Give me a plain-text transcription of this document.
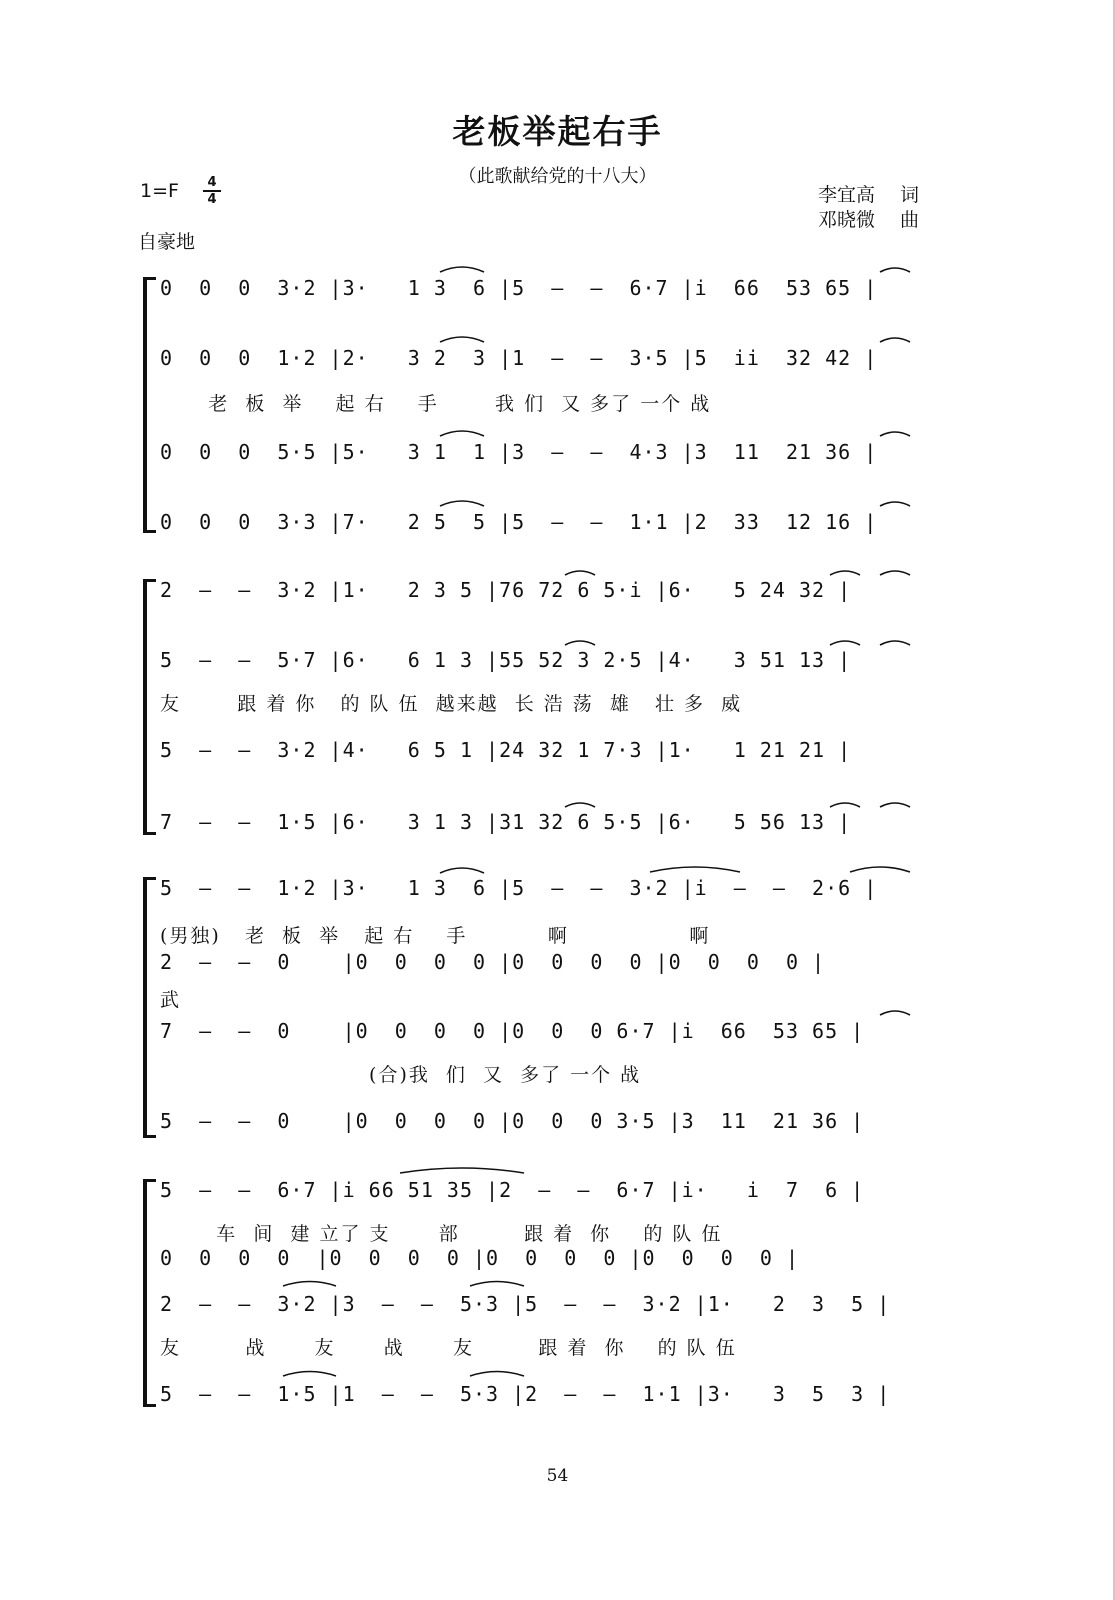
老板举起右手
（此歌献给党的十八大）
1=F	4
4
自豪地
李宜高 词
邓晓微 曲
0  0  0  3·2 |3·   1 3  6 |5  —  —  6·7 |i  66  53 65 |
0  0  0  1·2 |2·   3 2  3 |1  —  —  3·5 |5  ii  32 42 |
老  板  举    起 右    手       我 们  又 多了 一个 战
0  0  0  5·5 |5·   3 1  1 |3  —  —  4·3 |3  11  21 36 |
0  0  0  3·3 |7·   2 5  5 |5  —  —  1·1 |2  33  12 16 |
2  —  —  3·2 |1·   2 3 5 |76 72 6 5·i |6·   5 24 32 |
5  —  —  5·7 |6·   6 1 3 |55 52 3 2·5 |4·   3 51 13 |
友       跟 着 你   的 队 伍  越来越  长 浩 荡  雄   壮 多  威
5  —  —  3·2 |4·   6 5 1 |24 32 1 7·3 |1·   1 21 21 |
7  —  —  1·5 |6·   3 1 3 |31 32 6 5·5 |6·   5 56 13 |
5  —  —  1·2 |3·   1 3  6 |5  —  —  3·2 |i  —  —  2·6 |
(男独)   老  板  举   起 右    手          啊               啊
2  —  —  0    |0  0  0  0 |0  0  0  0 |0  0  0  0 |
武
7  —  —  0    |0  0  0  0 |0  0  0 6·7 |i  66  53 65 |
(合)我  们  又  多了 一个 战
5  —  —  0    |0  0  0  0 |0  0  0 3·5 |3  11  21 36 |
5  —  —  6·7 |i 66 51 35 |2  —  —  6·7 |i·   i  7  6 |
车  间  建 立了 支      部        跟 着  你    的 队 伍
0  0  0  0  |0  0  0  0 |0  0  0  0 |0  0  0  0 |
2  —  —  3·2 |3  —  —  5·3 |5  —  —  3·2 |1·   2  3  5 |
友        战      友      战      友        跟 着  你    的 队 伍
5  —  —  1·5 |1  —  —  5·3 |2  —  —  1·1 |3·   3  5  3 |
54
